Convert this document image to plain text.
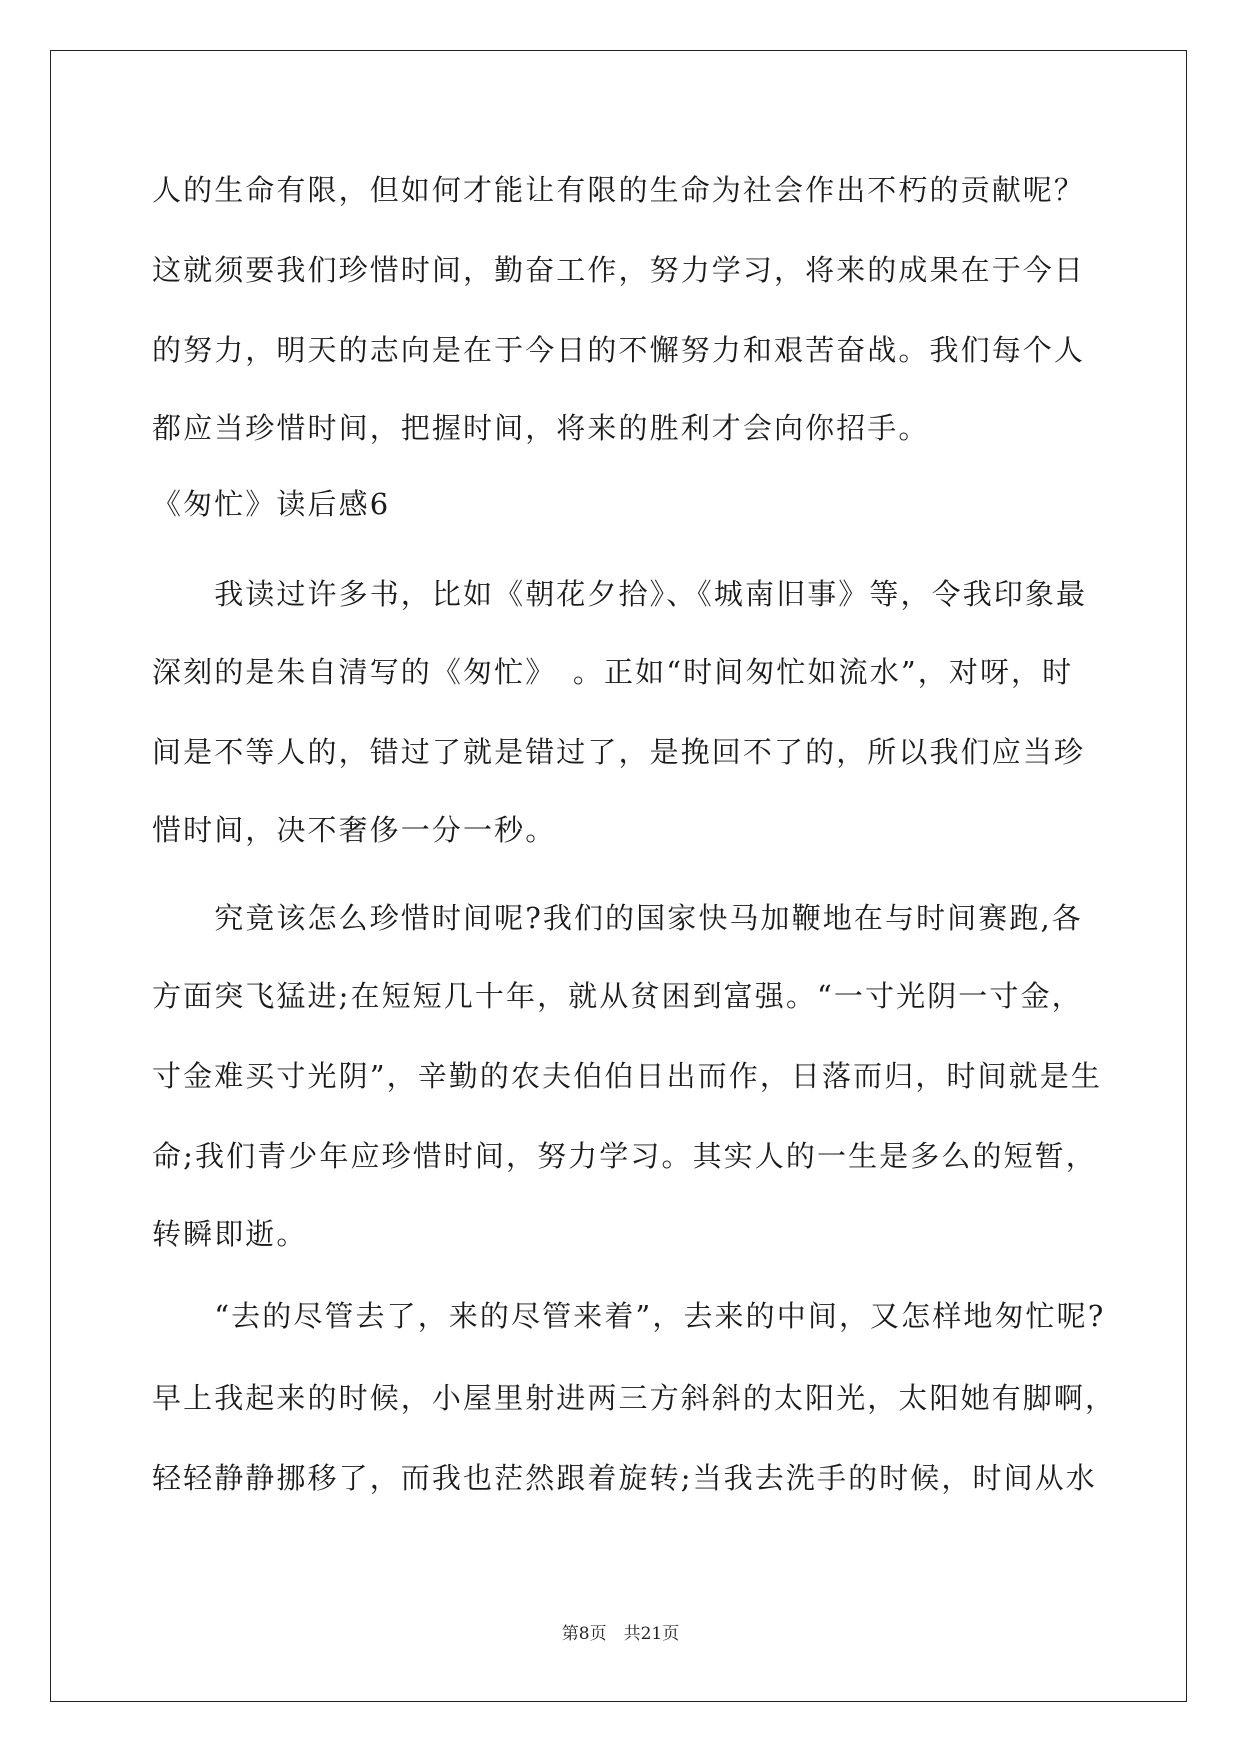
人的生命有限，但如何才能让有限的生命为社会作出不朽的贡献呢？
这就须要我们珍惜时间，勤奋工作，努力学习，将来的成果在于今日
的努力，明天的志向是在于今日的不懈努力和艰苦奋战。我们每个人
都应当珍惜时间，把握时间，将来的胜利才会向你招手。
《匆忙》读后感6
　　我读过许多书，比如《朝花夕拾》、《城南旧事》等，令我印象最
深刻的是朱自清写的《匆忙》　。正如“时间匆忙如流水”，对呀，时
间是不等人的，错过了就是错过了，是挽回不了的，所以我们应当珍
惜时间，决不奢侈一分一秒。
　　究竟该怎么珍惜时间呢?我们的国家快马加鞭地在与时间赛跑,各
方面突飞猛进;在短短几十年，就从贫困到富强。“一寸光阴一寸金，
寸金难买寸光阴”，辛勤的农夫伯伯日出而作，日落而归，时间就是生
命;我们青少年应珍惜时间，努力学习。其实人的一生是多么的短暂，
转瞬即逝。
　　“去的尽管去了，来的尽管来着”，去来的中间，又怎样地匆忙呢?
早上我起来的时候，小屋里射进两三方斜斜的太阳光，太阳她有脚啊，
轻轻静静挪移了，而我也茫然跟着旋转;当我去洗手的时候，时间从水
第8页　共21页
